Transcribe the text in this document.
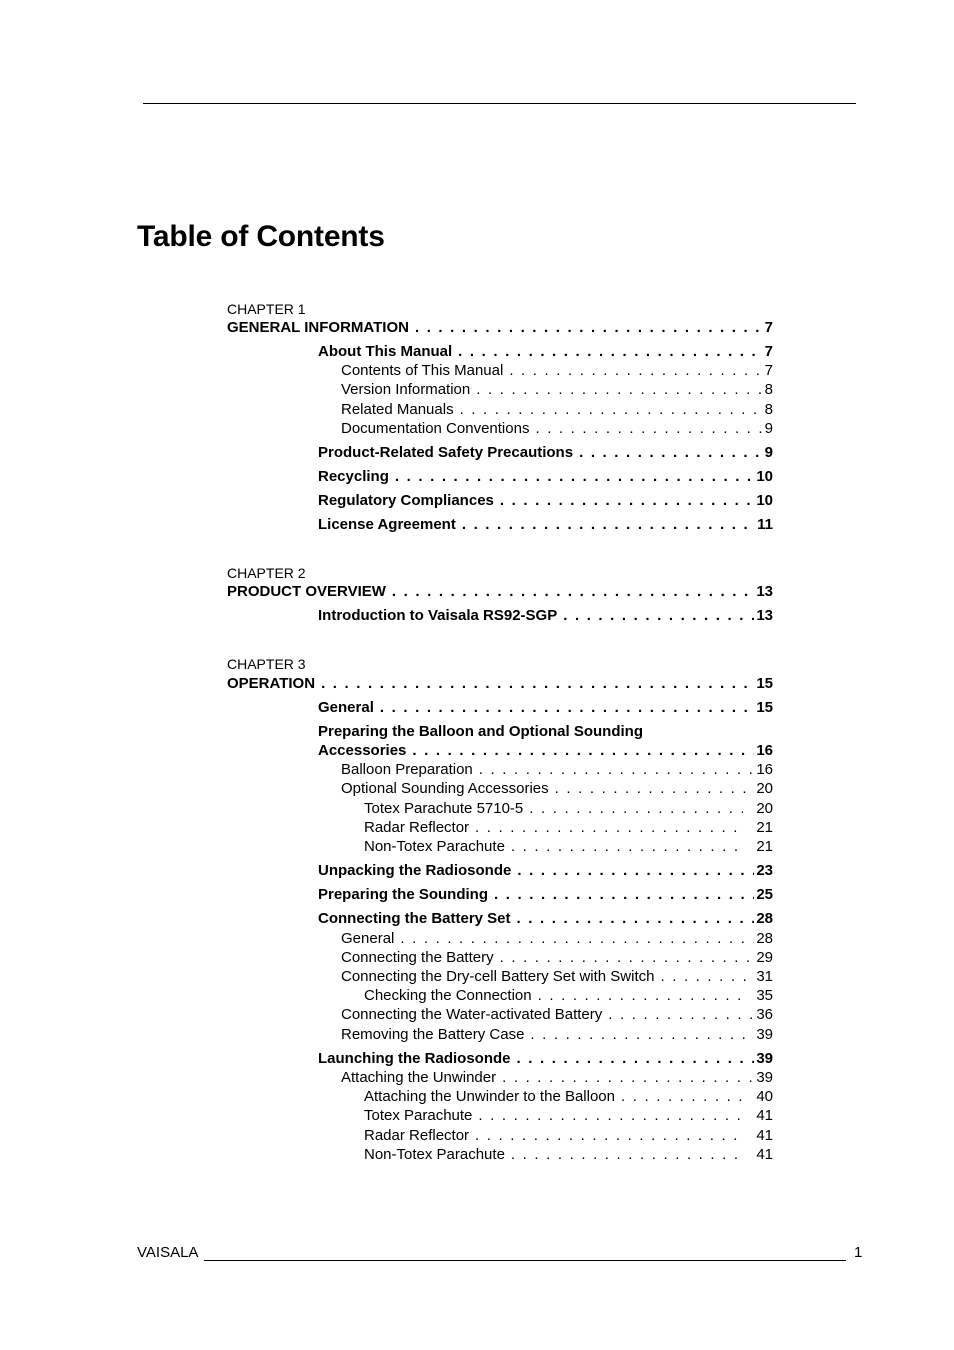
Table of Contents
CHAPTER 1
GENERAL INFORMATION . . .	7
About This Manual . . .	7
Contents of This Manual . . .	7
Version Information . . .	8
Related Manuals . . .	8
Documentation Conventions . . .	9
Product-Related Safety Precautions . . .	9
Recycling . . .	10
Regulatory Compliances . . .	10
License Agreement . . .	11
CHAPTER 2
PRODUCT OVERVIEW . . .	13
Introduction to Vaisala RS92-SGP . . .	13
CHAPTER 3
OPERATION . . .	15
General . . .	15
Preparing the Balloon and Optional Sounding
Accessories . . .	16
Balloon Preparation . . .	16
Optional Sounding Accessories . . .	20
Totex Parachute 5710-5 . . .	20
Radar Reflector . . .	21
Non-Totex Parachute . . .	21
Unpacking the Radiosonde . . .	23
Preparing the Sounding . . .	25
Connecting the Battery Set . . .	28
General . . .	28
Connecting the Battery . . .	29
Connecting the Dry-cell Battery Set with Switch . . .	31
Checking the Connection . . .	35
Connecting the Water-activated Battery . . .	36
Removing the Battery Case . . .	39
Launching the Radiosonde . . .	39
Attaching the Unwinder . . .	39
Attaching the Unwinder to the Balloon . . .	40
Totex Parachute . . .	41
Radar Reflector . . .	41
Non-Totex Parachute . . .	41
VAISALA	1
